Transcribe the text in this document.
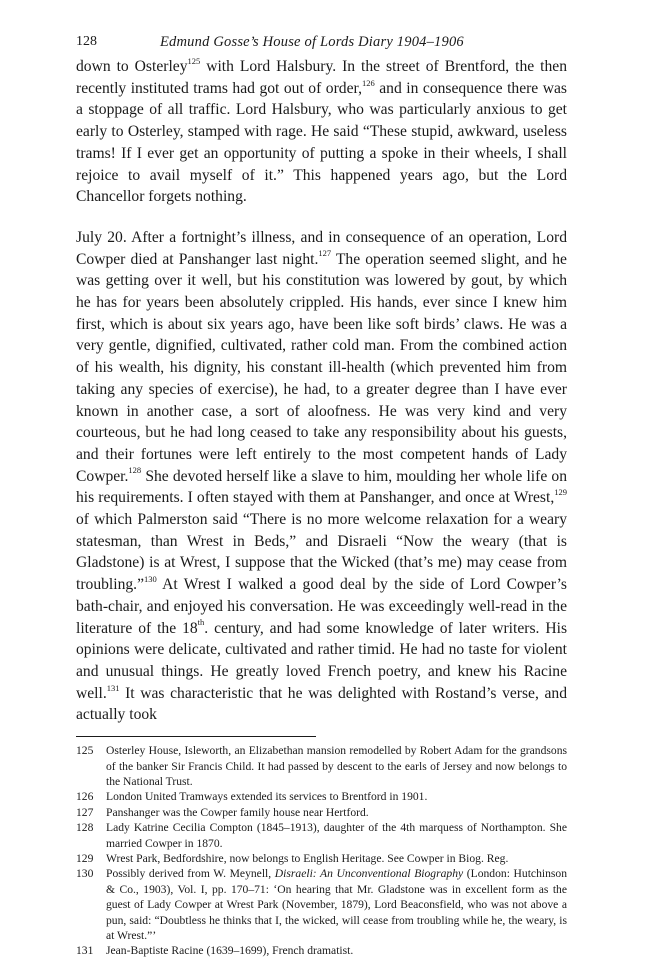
128	Edmund Gosse’s House of Lords Diary 1904–1906

down to Osterley$^{125}$ with Lord Halsbury. In the street of Brentford, the then recently instituted trams had got out of order,$^{126}$ and in consequence there was a stoppage of all traffic. Lord Halsbury, who was particularly anxious to get early to Osterley, stamped with rage. He said “These stupid, awkward, useless trams! If I ever get an opportunity of putting a spoke in their wheels, I shall rejoice to avail myself of it.” This happened years ago, but the Lord Chancellor forgets nothing.

July 20. After a fortnight’s illness, and in consequence of an operation, Lord Cowper died at Panshanger last night.$^{127}$ The operation seemed slight, and he was getting over it well, but his constitution was lowered by gout, by which he has for years been absolutely crippled. His hands, ever since I knew him first, which is about six years ago, have been like soft birds’ claws. He was a very gentle, dignified, cultivated, rather cold man. From the combined action of his wealth, his dignity, his constant ill-health (which prevented him from taking any species of exercise), he had, to a greater degree than I have ever known in another case, a sort of aloofness. He was very kind and very courteous, but he had long ceased to take any responsibility about his guests, and their fortunes were left entirely to the most competent hands of Lady Cowper.$^{128}$ She devoted herself like a slave to him, moulding her whole life on his requirements. I often stayed with them at Panshanger, and once at Wrest,$^{129}$ of which Palmerston said “There is no more welcome relaxation for a weary statesman, than Wrest in Beds,” and Disraeli “Now the weary (that is Gladstone) is at Wrest, I suppose that the Wicked (that’s me) may cease from troubling.”$^{130}$ At Wrest I walked a good deal by the side of Lord Cowper’s bath-chair, and enjoyed his conversation. He was exceedingly well-read in the literature of the 18th. century, and had some knowledge of later writers. His opinions were delicate, cultivated and rather timid. He had no taste for violent and unusual things. He greatly loved French poetry, and knew his Racine well.$^{131}$ It was characteristic that he was delighted with Rostand’s verse, and actually took

125	Osterley House, Isleworth, an Elizabethan mansion remodelled by Robert Adam for the grandsons of the banker Sir Francis Child. It had passed by descent to the earls of Jersey and now belongs to the National Trust.
126	London United Tramways extended its services to Brentford in 1901.
127	Panshanger was the Cowper family house near Hertford.
128	Lady Katrine Cecilia Compton (1845–1913), daughter of the 4th marquess of Northampton. She married Cowper in 1870.
129	Wrest Park, Bedfordshire, now belongs to English Heritage. See Cowper in Biog. Reg.
130	Possibly derived from W. Meynell, Disraeli: An Unconventional Biography (London: Hutchinson & Co., 1903), Vol. I, pp. 170–71: ‘On hearing that Mr. Gladstone was in excellent form as the guest of Lady Cowper at Wrest Park (November, 1879), Lord Beaconsfield, who was not above a pun, said: “Doubtless he thinks that I, the wicked, will cease from troubling while he, the weary, is at Wrest.”’
131	Jean-Baptiste Racine (1639–1699), French dramatist.
